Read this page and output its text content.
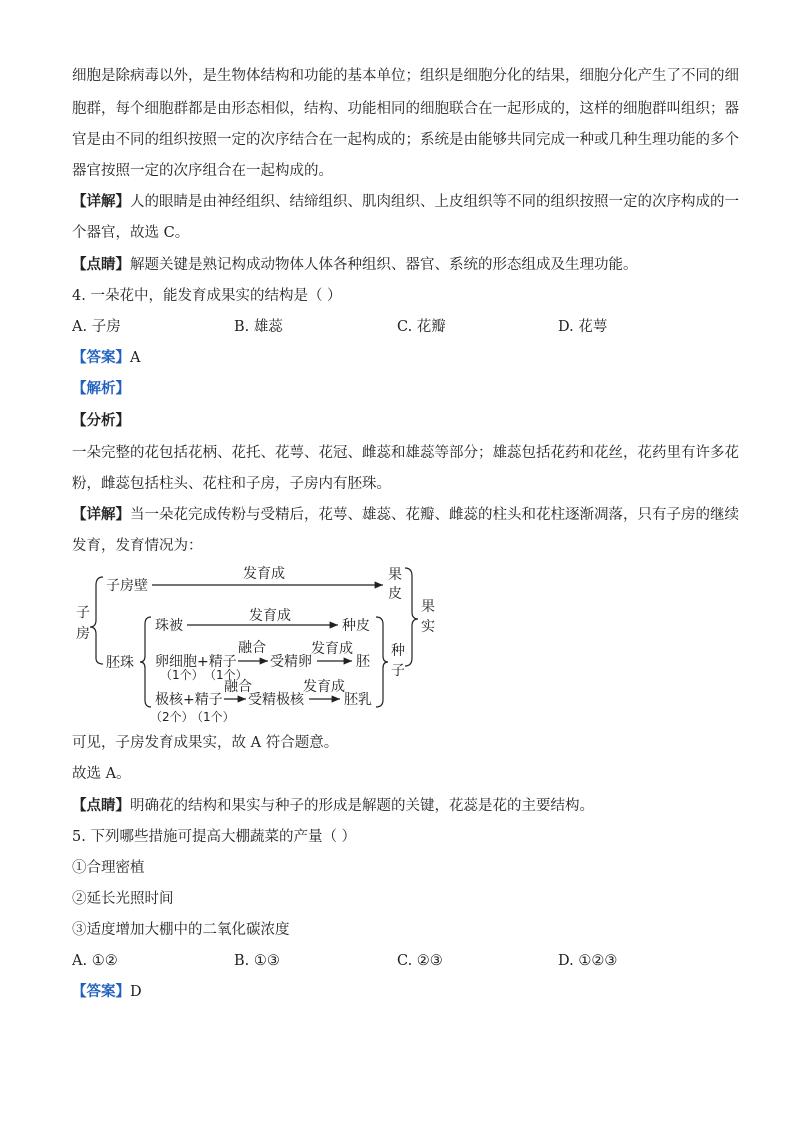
细胞是除病毒以外，是生物体结构和功能的基本单位；组织是细胞分化的结果，细胞分化产生了不同的细
胞群，每个细胞群都是由形态相似，结构、功能相同的细胞联合在一起形成的，这样的细胞群叫组织；器
官是由不同的组织按照一定的次序结合在一起构成的；系统是由能够共同完成一种或几种生理功能的多个
器官按照一定的次序组合在一起构成的。
【详解】人的眼睛是由神经组织、结缔组织、肌肉组织、上皮组织等不同的组织按照一定的次序构成的一
个器官，故选 C。
【点睛】解题关键是熟记构成动物体人体各种组织、器官、系统的形态组成及生理功能。
4. 一朵花中，能发育成果实的结构是（ ）
A. 子房	B. 雄蕊	C. 花瓣	D. 花萼
【答案】A
【解析】
【分析】
一朵完整的花包括花柄、花托、花萼、花冠、雌蕊和雄蕊等部分；雄蕊包括花药和花丝，花药里有许多花
粉，雌蕊包括柱头、花柱和子房，子房内有胚珠。
【详解】当一朵花完成传粉与受精后，花萼、雄蕊、花瓣、雌蕊的柱头和花柱逐渐凋落，只有子房的继续
发育，发育情况为：
子
房
子房壁
发育成	果
皮
胚珠
珠被
发育成
种皮
卵细胞+精子
（1个） （1个）
融合
受精卵
发育成
胚
极核+精子
（2个）
（1个）
融合
受精极核
发育成
胚乳
种
子
果
实
可见，子房发育成果实，故 A 符合题意。
故选 A。
【点睛】明确花的结构和果实与种子的形成是解题的关键，花蕊是花的主要结构。
5. 下列哪些措施可提高大棚蔬菜的产量（ ）
①合理密植
②延长光照时间
③适度增加大棚中的二氧化碳浓度
A. ①②	B. ①③	C. ②③	D. ①②③
【答案】D
